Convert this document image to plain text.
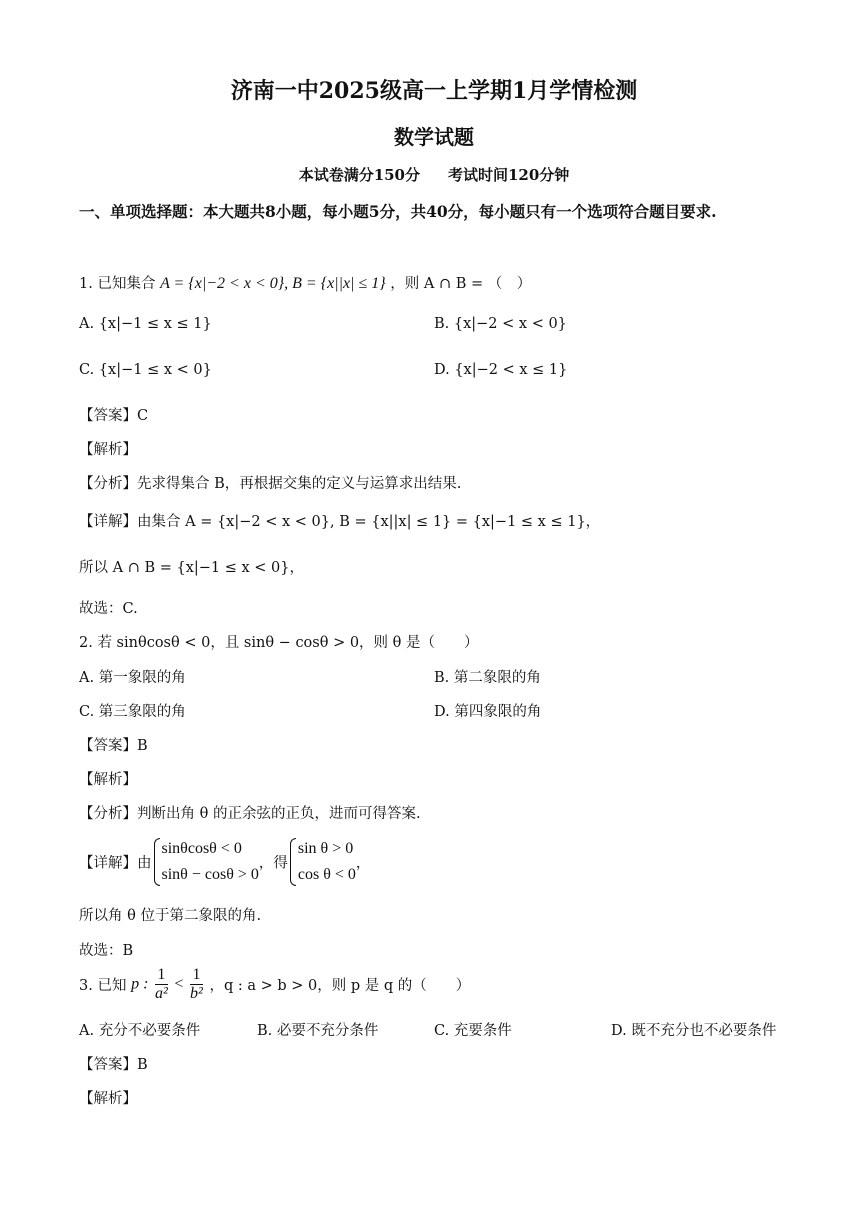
济南一中2025级高一上学期1月学情检测
数学试题
本试卷满分150分 考试时间120分钟
一、单项选择题：本大题共8小题，每小题5分，共40分，每小题只有一个选项符合题目要求.
1. 已知集合 A = {x|−2 < x < 0}, B = {x||x| ≤ 1} ，则 A ∩ B = （　）
A. {x|−1 ≤ x ≤ 1}	B. {x|−2 < x < 0}
C. {x|−1 ≤ x < 0}	D. {x|−2 < x ≤ 1}
【答案】C
【解析】
【分析】先求得集合 B，再根据交集的定义与运算求出结果.
【详解】由集合 A = {x|−2 < x < 0}, B = {x||x| ≤ 1} = {x|−1 ≤ x ≤ 1}，
所以 A ∩ B = {x|−1 ≤ x < 0}，
故选：C.
2. 若 sinθcosθ < 0，且 sinθ − cosθ > 0，则 θ 是（　　）
A. 第一象限的角	B. 第二象限的角
C. 第三象限的角	D. 第四象限的角
【答案】B
【解析】
【分析】判断出角 θ 的正余弦的正负，进而可得答案.
【详解】由
sinθcosθ < 0
sinθ − cosθ > 0
，得
sin θ > 0
cos θ < 0
，
所以角 θ 位于第二象限的角.
故选：B
3. 已知 p : $\frac{1}{\text{a²}} < \frac{1}{\text{b²}}$ ，q : a > b > 0，则 p 是 q 的（　　）
A. 充分不必要条件	B. 必要不充分条件	C. 充要条件	D. 既不充分也不必要条件
【答案】B
【解析】
